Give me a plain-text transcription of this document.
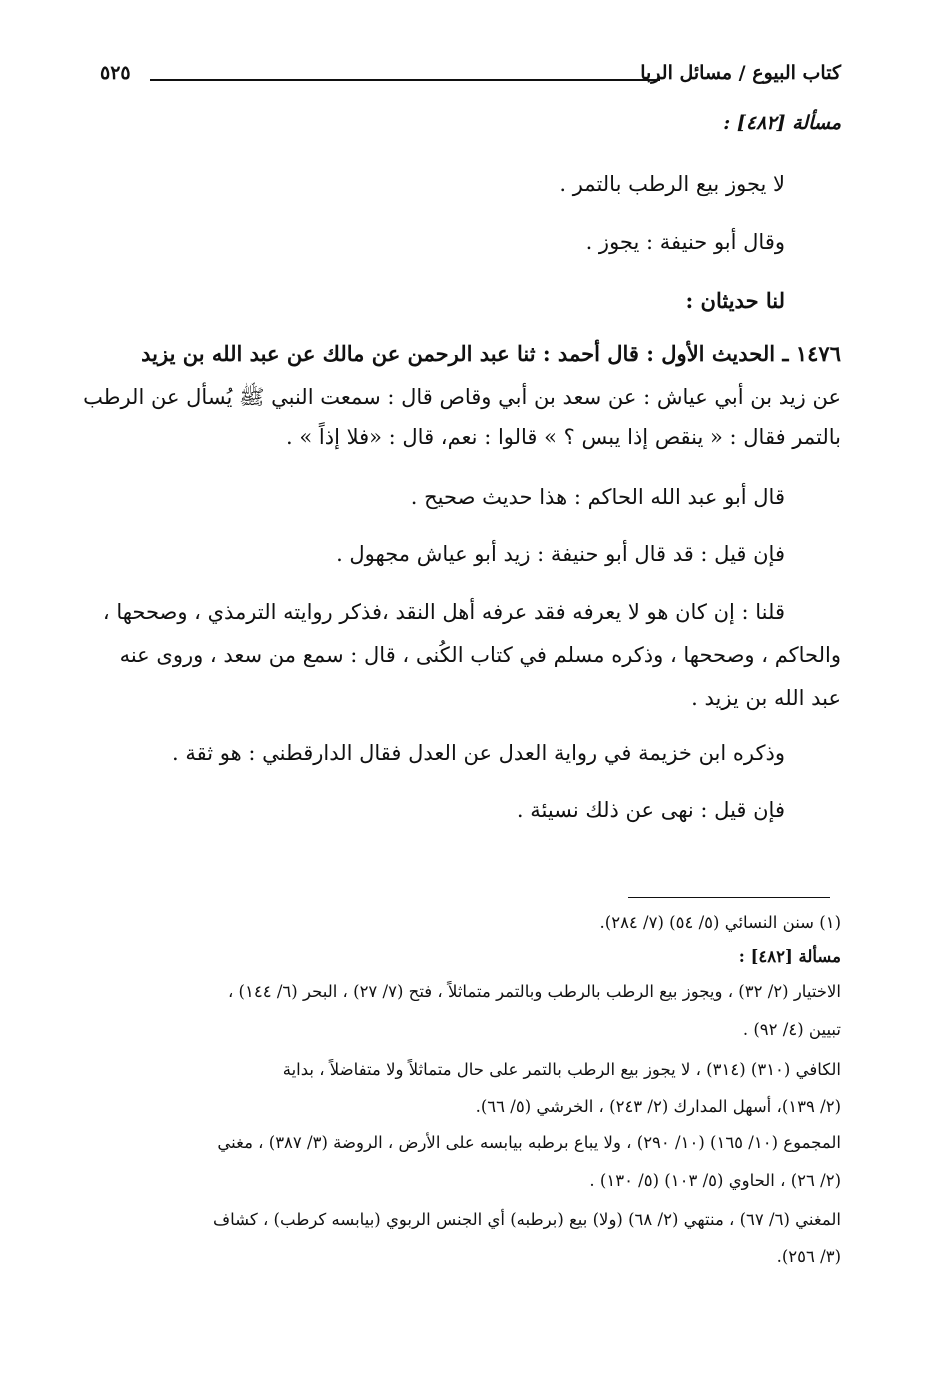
كتاب البيوع / مسائل الربا
٥٢٥
مسألة [٤٨٢] :
لا يجوز بيع الرطب بالتمر .
وقال أبو حنيفة : يجوز .
لنا حديثان :
١٤٧٦ ـ الحديث الأول : قال أحمد : ثنا عبد الرحمن عن مالك عن عبد الله بن يزيد
عن زيد بن أبي عياش : عن سعد بن أبي وقاص قال : سمعت النبي ﷺ يُسأل عن الرطب
بالتمر فقال : « ينقص إذا يبس ؟ » قالوا : نعم، قال : «فلا إذاً » .
قال أبو عبد الله الحاكم : هذا حديث صحيح .
فإن قيل : قد قال أبو حنيفة : زيد أبو عياش مجهول .
قلنا : إن كان هو لا يعرفه فقد عرفه أهل النقد ،فذكر روايته الترمذي ، وصححها ،
والحاكم ، وصححها ، وذكره مسلم في كتاب الكُنى ، قال : سمع من سعد ، وروى عنه
عبد الله بن يزيد .
وذكره ابن خزيمة في رواية العدل عن العدل فقال الدارقطني : هو ثقة .
فإن قيل : نهى عن ذلك نسيئة .
(١) سنن النسائي (٥/ ٥٤) (٧/ ٢٨٤).
مسألة [٤٨٢] :
الاختيار (٢/ ٣٢) ، ويجوز بيع الرطب بالرطب وبالتمر متماثلاً ، فتح (٧/ ٢٧) ، البحر (٦/ ١٤٤) ،
تبيين (٤/ ٩٢) .
الكافي (٣١٠) (٣١٤) ، لا يجوز بيع الرطب بالتمر على حال متماثلاً ولا متفاضلاً ، بداية
(٢/ ١٣٩)، أسهل المدارك (٢/ ٢٤٣) ، الخرشي (٥/ ٦٦).
المجموع (١٠/ ١٦٥) (١٠/ ٢٩٠) ، ولا يباع برطبه بيابسه على الأرض ، الروضة (٣/ ٣٨٧) ، مغني
(٢/ ٢٦) ، الحاوي (٥/ ١٠٣) (٥/ ١٣٠) .
المغني (٦/ ٦٧) ، منتهي (٢/ ٦٨) (ولا) بيع (برطبه) أي الجنس الربوي (بيابسه كرطب) ، كشاف
(٣/ ٢٥٦).
